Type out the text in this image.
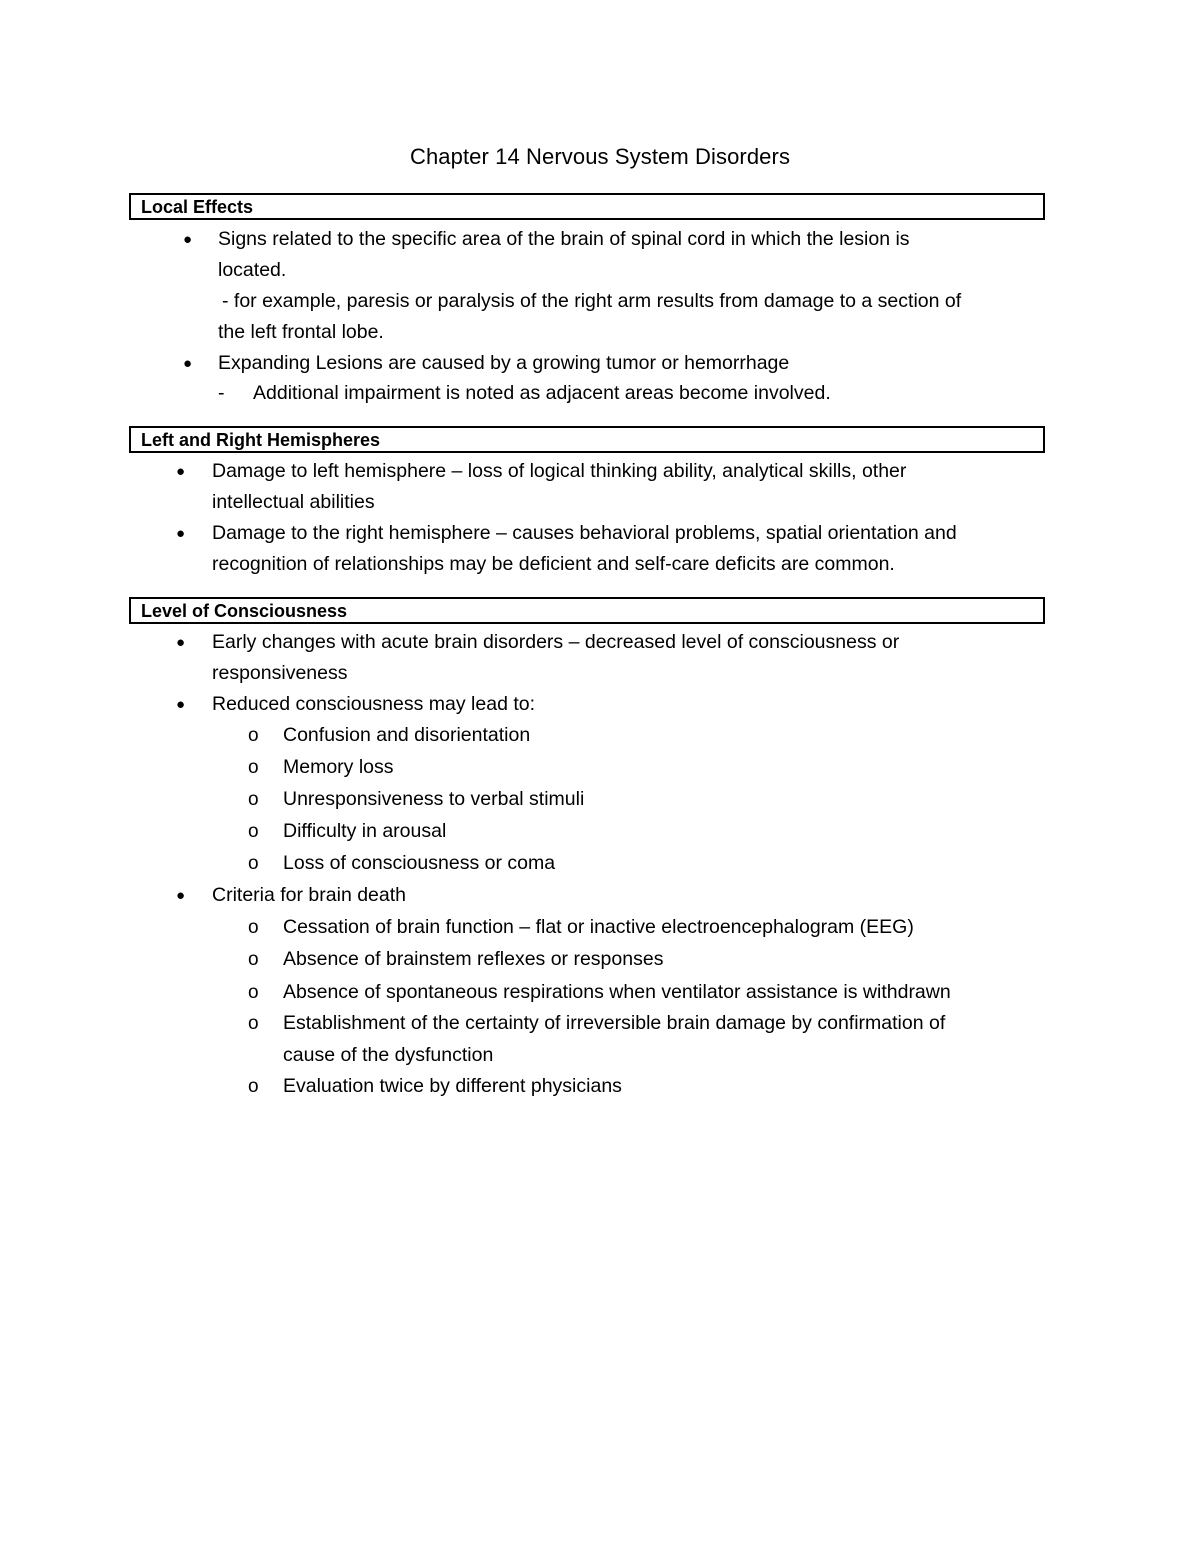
Chapter 14 Nervous System Disorders
Local Effects
● Signs related to the specific area of the brain of spinal cord in which the lesion is
located.
- for example, paresis or paralysis of the right arm results from damage to a section of
the left frontal lobe.
● Expanding Lesions are caused by a growing tumor or hemorrhage
- Additional impairment is noted as adjacent areas become involved.
Left and Right Hemispheres
● Damage to left hemisphere – loss of logical thinking ability, analytical skills, other
intellectual abilities
● Damage to the right hemisphere – causes behavioral problems, spatial orientation and
recognition of relationships may be deficient and self-care deficits are common.
Level of Consciousness
● Early changes with acute brain disorders – decreased level of consciousness or
responsiveness
● Reduced consciousness may lead to:
o Confusion and disorientation
o Memory loss
o Unresponsiveness to verbal stimuli
o Difficulty in arousal
o Loss of consciousness or coma
● Criteria for brain death
o Cessation of brain function – flat or inactive electroencephalogram (EEG)
o Absence of brainstem reflexes or responses
o Absence of spontaneous respirations when ventilator assistance is withdrawn
o Establishment of the certainty of irreversible brain damage by confirmation of
cause of the dysfunction
o Evaluation twice by different physicians
